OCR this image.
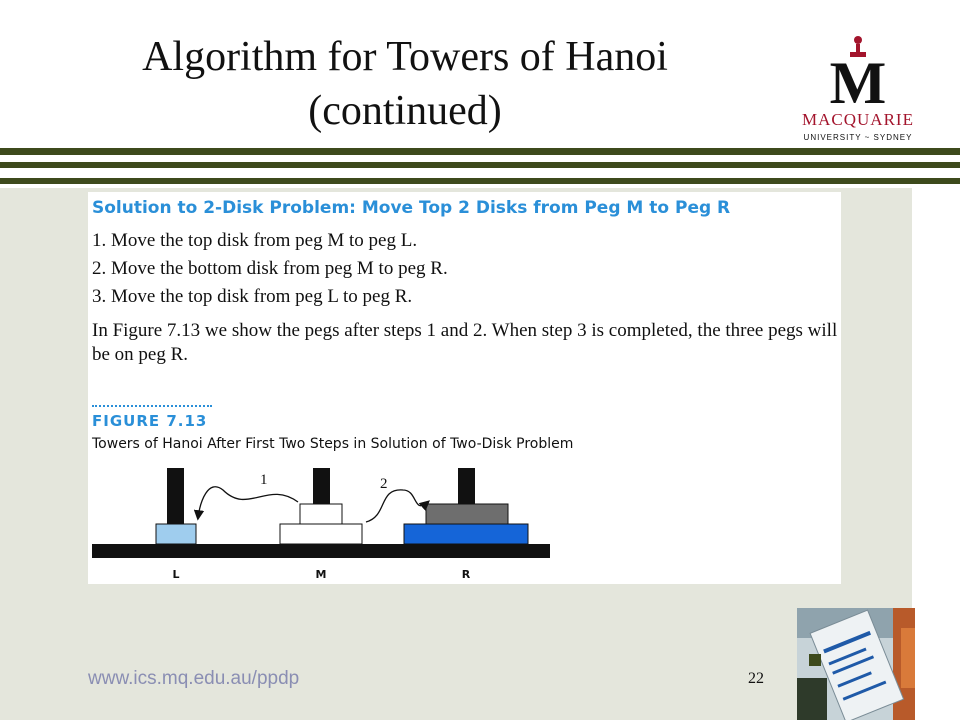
Algorithm for Towers of Hanoi
(continued)	M
MACQUARIE
UNIVERSITY ~ SYDNEY
Solution to 2-Disk Problem: Move Top 2 Disks from Peg M to Peg R
1. Move the top disk from peg M to peg L.
2. Move the bottom disk from peg M to peg R.
3. Move the top disk from peg L to peg R.
In Figure 7.13 we show the pegs after steps 1 and 2. When step 3 is completed, the three pegs will be on peg R.
FIGURE 7.13
Towers of Hanoi After First Two Steps in Solution of Two-Disk Problem
1	2
L	M	R
www.ics.mq.edu.au/ppdp	22
